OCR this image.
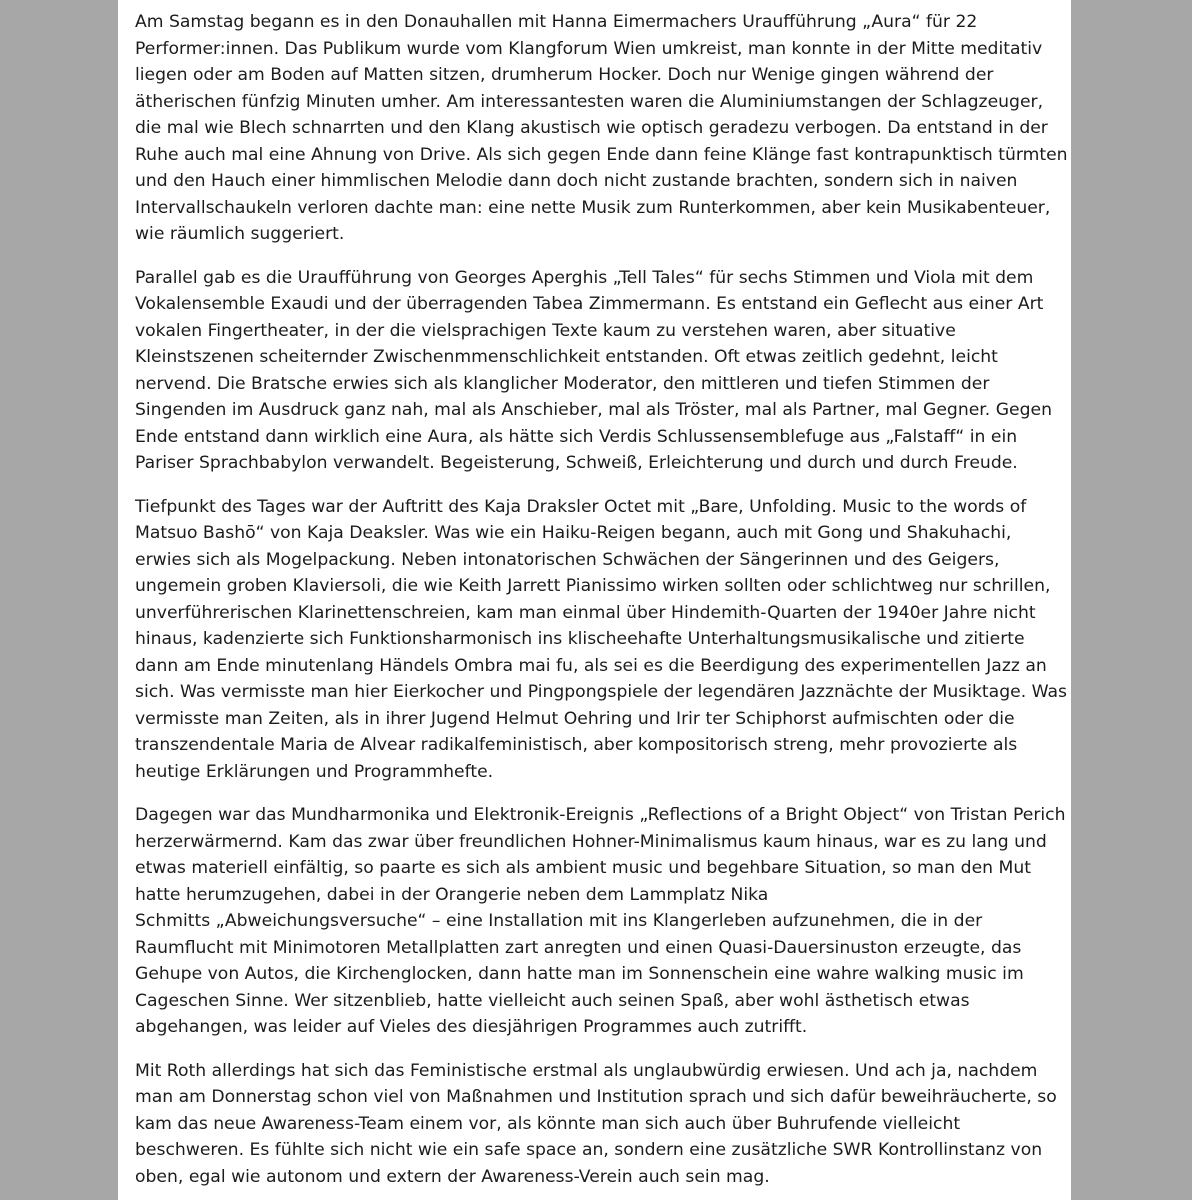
Am Samstag begann es in den Donauhallen mit Hanna Eimermachers Uraufführung „Aura“ für 22 Performer:innen. Das Publikum wurde vom Klangforum Wien umkreist, man konnte in der Mitte meditativ liegen oder am Boden auf Matten sitzen, drumherum Hocker. Doch nur Wenige gingen während der ätherischen fünfzig Minuten umher. Am interessantesten waren die Aluminiumstangen der Schlagzeuger, die mal wie Blech schnarrten und den Klang akustisch wie optisch geradezu verbogen. Da entstand in der Ruhe auch mal eine Ahnung von Drive. Als sich gegen Ende dann feine Klänge fast kontrapunktisch türmten und den Hauch einer himmlischen Melodie dann doch nicht zustande brachten, sondern sich in naiven Intervallschaukeln verloren dachte man: eine nette Musik zum Runterkommen, aber kein Musikabenteuer, wie räumlich suggeriert.

Parallel gab es die Uraufführung von Georges Aperghis „Tell Tales“ für sechs Stimmen und Viola mit dem Vokalensemble Exaudi und der überragenden Tabea Zimmermann. Es entstand ein Geflecht aus einer Art vokalen Fingertheater, in der die vielsprachigen Texte kaum zu verstehen waren, aber situative Kleinstszenen scheiternder Zwischenmmenschlichkeit entstanden. Oft etwas zeitlich gedehnt, leicht nervend. Die Bratsche erwies sich als klanglicher Moderator, den mittleren und tiefen Stimmen der Singenden im Ausdruck ganz nah, mal als Anschieber, mal als Tröster, mal als Partner, mal Gegner. Gegen Ende entstand dann wirklich eine Aura, als hätte sich Verdis Schlussensemblefuge aus „Falstaff“ in ein Pariser Sprachbabylon verwandelt. Begeisterung, Schweiß, Erleichterung und durch und durch Freude.

Tiefpunkt des Tages war der Auftritt des Kaja Draksler Octet mit „Bare, Unfolding. Music to the words of Matsuo Bashō“ von Kaja Deaksler. Was wie ein Haiku-Reigen begann, auch mit Gong und Shakuhachi, erwies sich als Mogelpackung. Neben intonatorischen Schwächen der Sängerinnen und des Geigers, ungemein groben Klaviersoli, die wie Keith Jarrett Pianissimo wirken sollten oder schlichtweg nur schrillen, unverführerischen Klarinettenschreien, kam man einmal über Hindemith-Quarten der 1940er Jahre nicht hinaus, kadenzierte sich Funktionsharmonisch ins klischeehafte Unterhaltungsmusikalische und zitierte dann am Ende minutenlang Händels Ombra mai fu, als sei es die Beerdigung des experimentellen Jazz an sich. Was vermisste man hier Eierkocher und Pingpongspiele der legendären Jazznächte der Musiktage. Was vermisste man Zeiten, als in ihrer Jugend Helmut Oehring und Irir ter Schiphorst aufmischten oder die transzendentale Maria de Alvear radikalfeministisch, aber kompositorisch streng, mehr provozierte als heutige Erklärungen und Programmhefte.

Dagegen war das Mundharmonika und Elektronik-Ereignis „Reflections of a Bright Object“ von Tristan Perich herzerwärmernd. Kam das zwar über freundlichen Hohner-Minimalismus kaum hinaus, war es zu lang und etwas materiell einfältig, so paarte es sich als ambient music und begehbare Situation, so man den Mut hatte herumzugehen, dabei in der Orangerie neben dem Lammplatz Nika
Schmitts „Abweichungsversuche“ – eine Installation mit ins Klangerleben aufzunehmen, die in der Raumflucht mit Minimotoren Metallplatten zart anregten und einen Quasi-Dauersinuston erzeugte, das Gehupe von Autos, die Kirchenglocken, dann hatte man im Sonnenschein eine wahre walking music im Cageschen Sinne. Wer sitzenblieb, hatte vielleicht auch seinen Spaß, aber wohl ästhetisch etwas abgehangen, was leider auf Vieles des diesjährigen Programmes auch zutrifft.

Mit Roth allerdings hat sich das Feministische erstmal als unglaubwürdig erwiesen. Und ach ja, nachdem man am Donnerstag schon viel von Maßnahmen und Institution sprach und sich dafür beweihräucherte, so kam das neue Awareness-Team einem vor, als könnte man sich auch über Buhrufende vielleicht beschweren. Es fühlte sich nicht wie ein safe space an, sondern eine zusätzliche SWR Kontrollinstanz von oben, egal wie autonom und extern der Awareness-Verein auch sein mag.
